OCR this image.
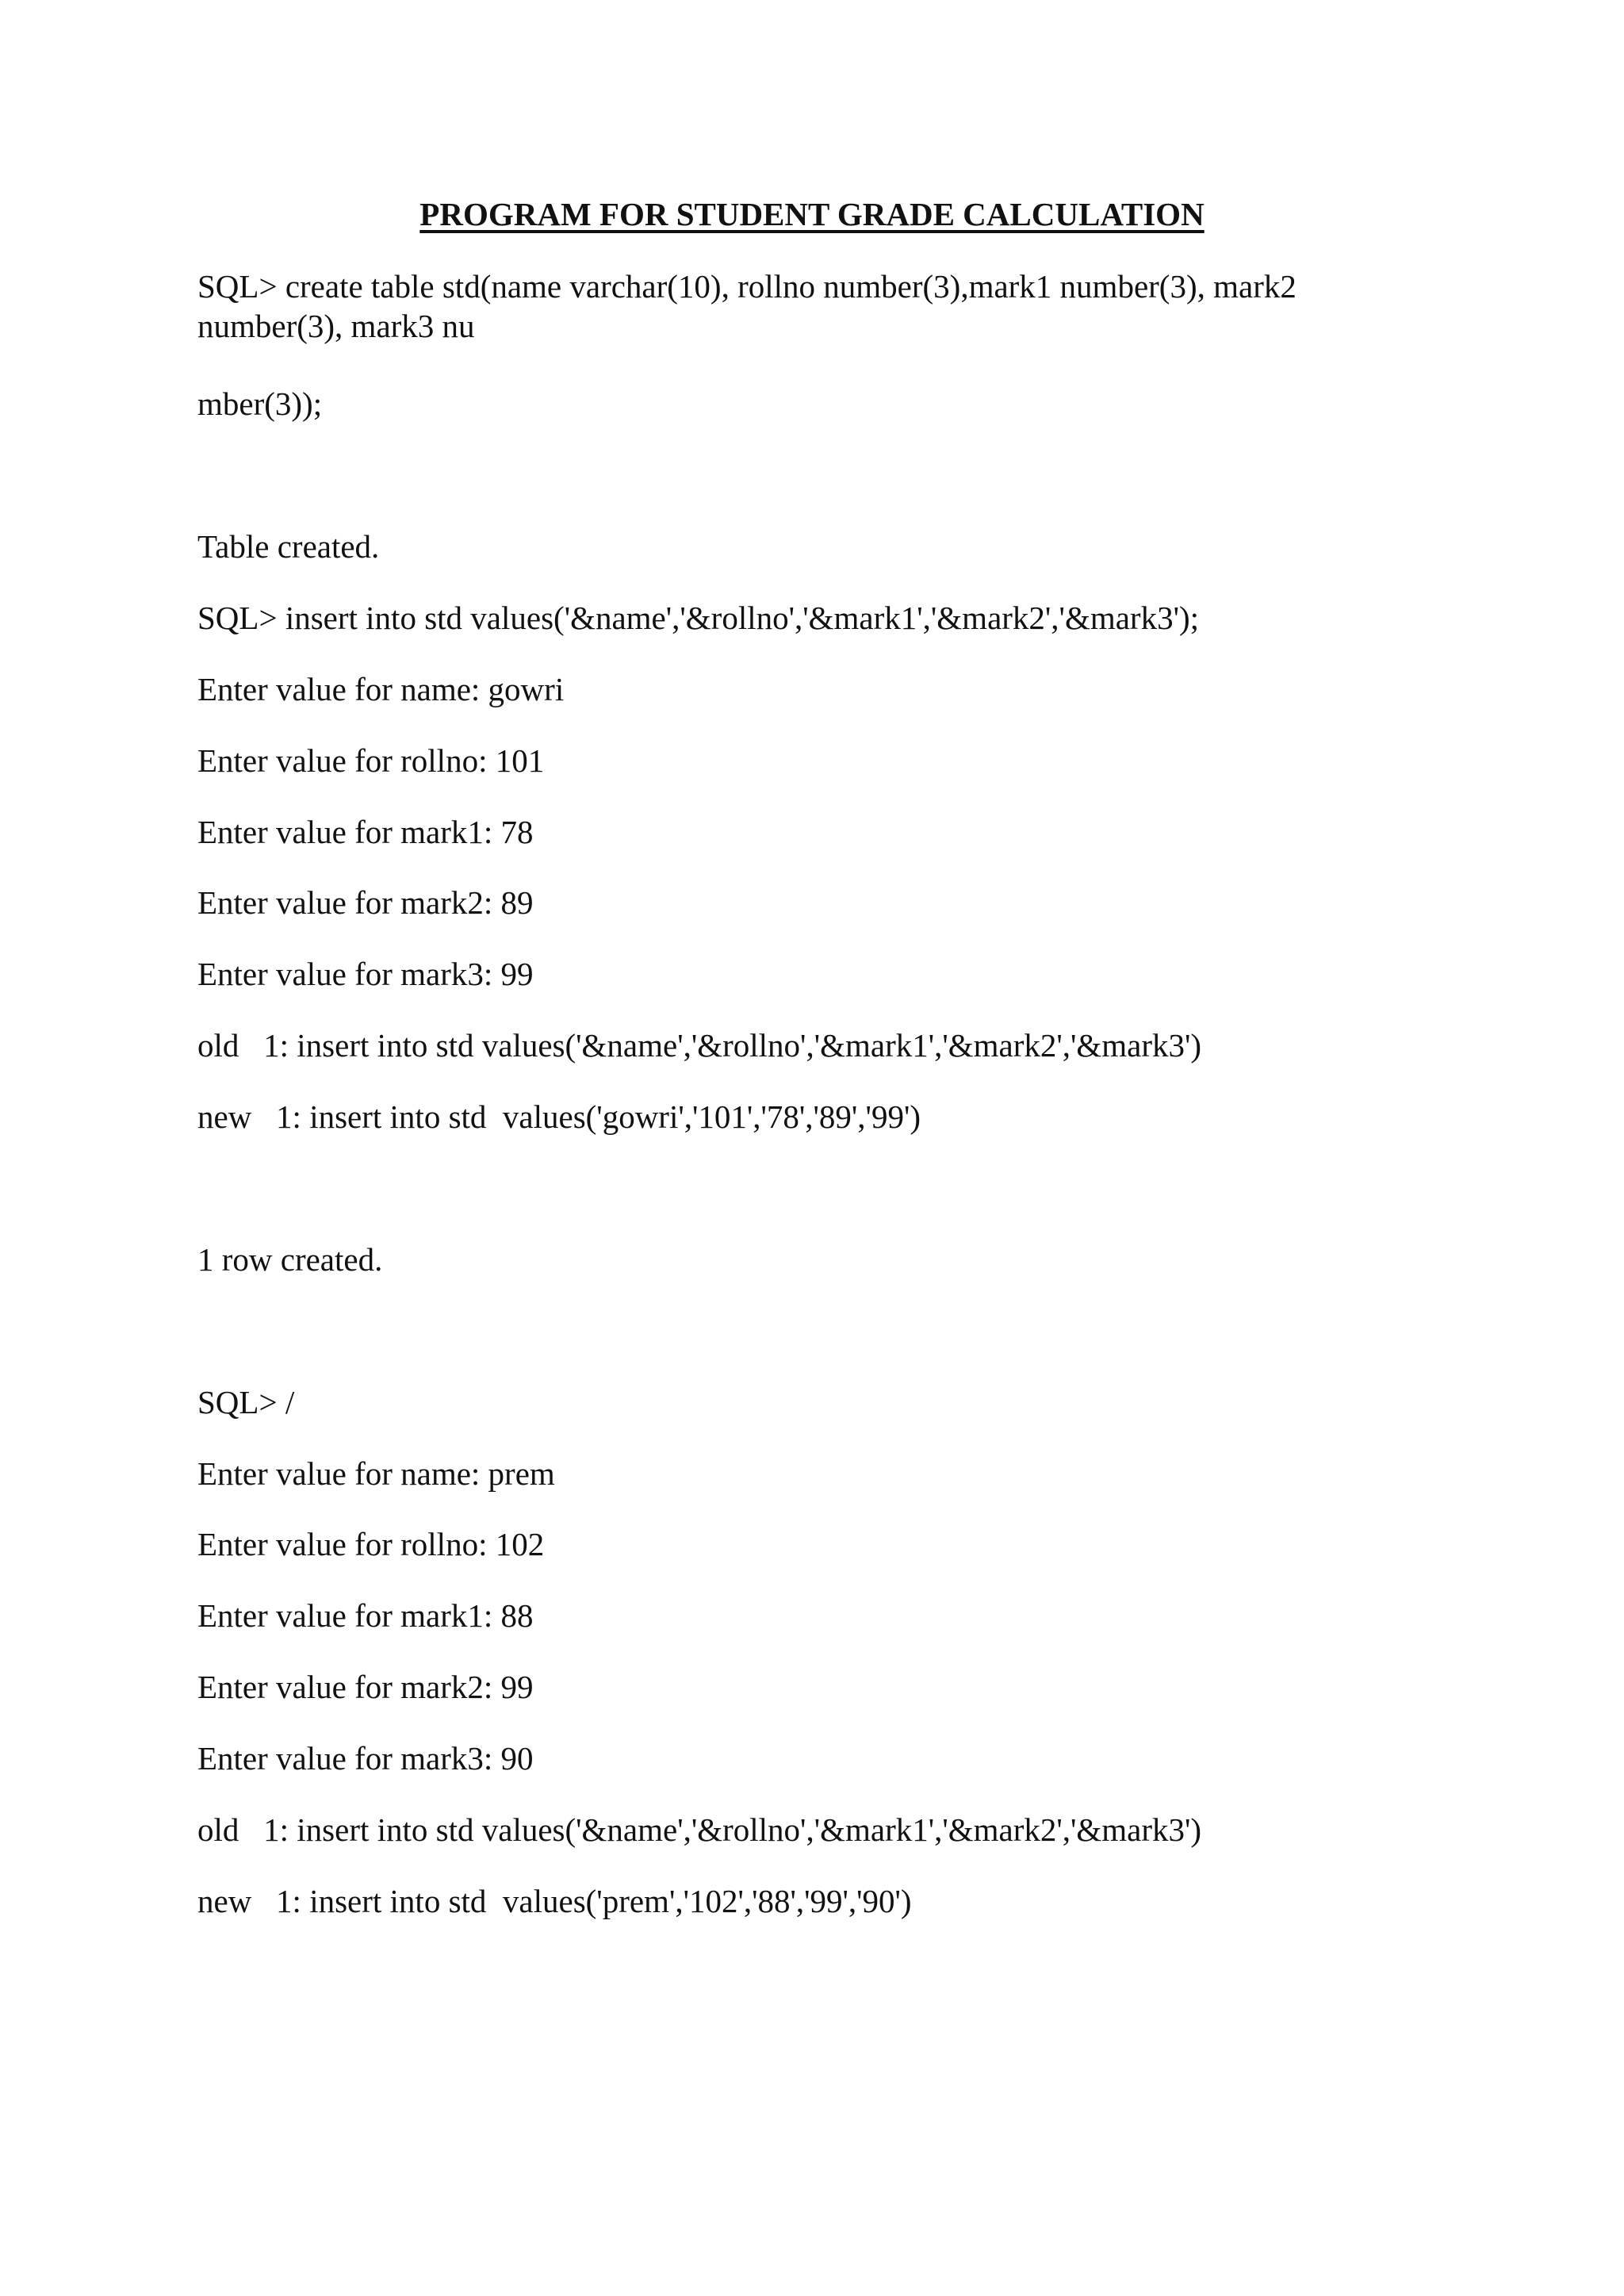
PROGRAM FOR STUDENT GRADE CALCULATION
SQL> create table std(name varchar(10), rollno number(3),mark1 number(3), mark2 number(3), mark3 nu
mber(3));
Table created.
SQL> insert into std values('&name','&rollno','&mark1','&mark2','&mark3');
Enter value for name: gowri
Enter value for rollno: 101
Enter value for mark1: 78
Enter value for mark2: 89
Enter value for mark3: 99
old   1: insert into std values('&name','&rollno','&mark1','&mark2','&mark3')
new   1: insert into std  values('gowri','101','78','89','99')
1 row created.
SQL> /
Enter value for name: prem
Enter value for rollno: 102
Enter value for mark1: 88
Enter value for mark2: 99
Enter value for mark3: 90
old   1: insert into std values('&name','&rollno','&mark1','&mark2','&mark3')
new   1: insert into std  values('prem','102','88','99','90')
